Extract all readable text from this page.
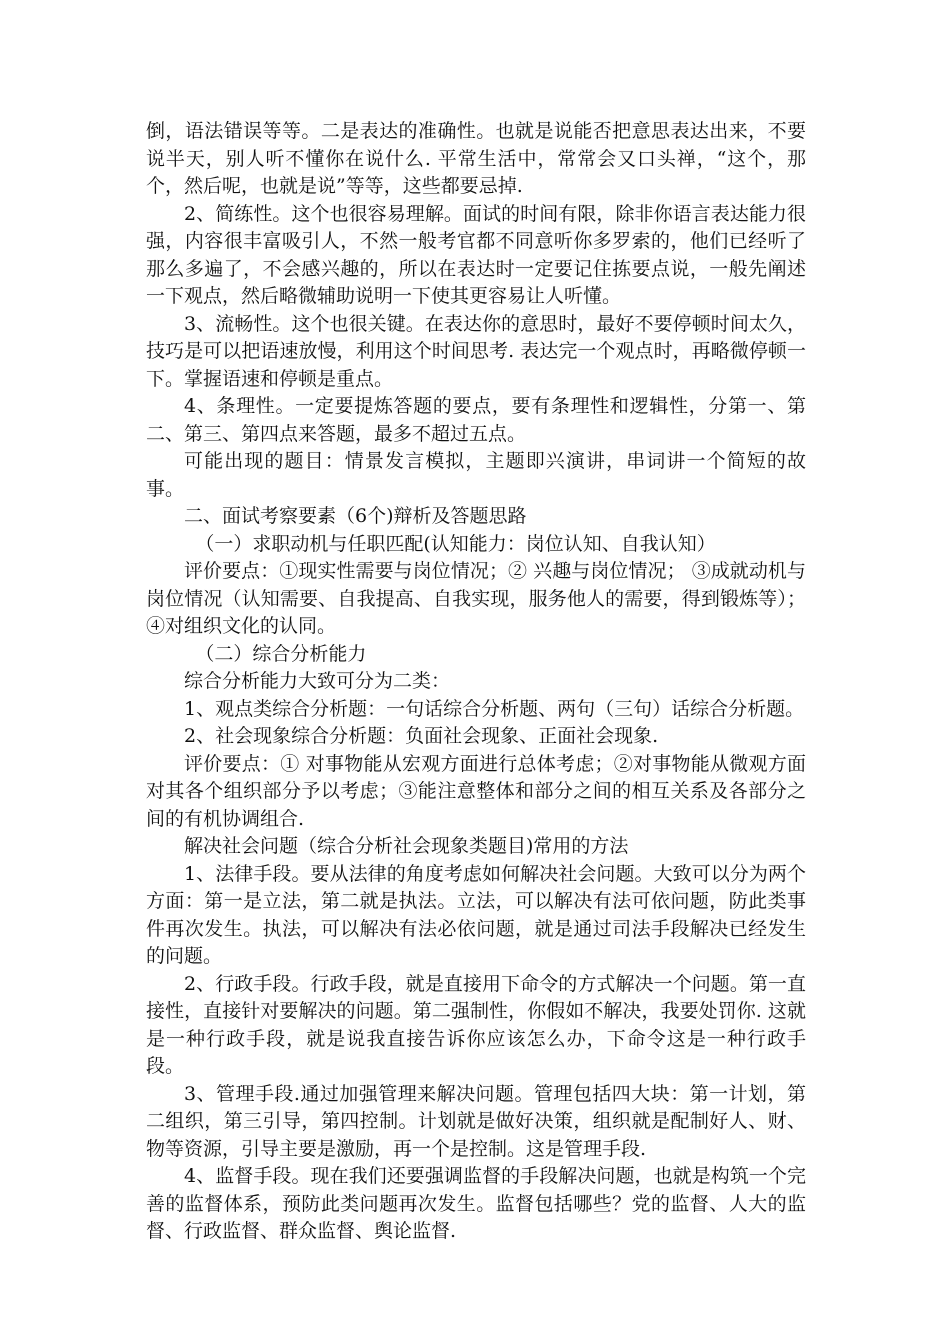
倒，语法错误等等。二是表达的准确性。也就是说能否把意思表达出来，不要说半天，别人听不懂你在说什么. 平常生活中，常常会又口头禅，“这个，那个，然后呢，也就是说”等等，这些都要忌掉.

2、简练性。这个也很容易理解。面试的时间有限，除非你语言表达能力很强，内容很丰富吸引人，不然一般考官都不同意听你多罗索的，他们已经听了那么多遍了，不会感兴趣的，所以在表达时一定要记住拣要点说，一般先阐述一下观点，然后略微辅助说明一下使其更容易让人听懂。

3、流畅性。这个也很关键。在表达你的意思时，最好不要停顿时间太久，技巧是可以把语速放慢，利用这个时间思考. 表达完一个观点时，再略微停顿一下。掌握语速和停顿是重点。

4、条理性。一定要提炼答题的要点，要有条理性和逻辑性，分第一、第二、第三、第四点来答题，最多不超过五点。

可能出现的题目：情景发言模拟，主题即兴演讲，串词讲一个简短的故事。

二、面试考察要素（6个)辩析及答题思路

（一）求职动机与任职匹配(认知能力：岗位认知、自我认知）

评价要点：①现实性需要与岗位情况；② 兴趣与岗位情况； ③成就动机与岗位情况（认知需要、自我提高、自我实现，服务他人的需要，得到锻炼等）； ④对组织文化的认同。

（二）综合分析能力

综合分析能力大致可分为二类：

1、观点类综合分析题：一句话综合分析题、两句（三句）话综合分析题。

2、社会现象综合分析题：负面社会现象、正面社会现象.

评价要点：① 对事物能从宏观方面进行总体考虑；②对事物能从微观方面对其各个组织部分予以考虑；③能注意整体和部分之间的相互关系及各部分之间的有机协调组合.

解决社会问题（综合分析社会现象类题目)常用的方法

1、法律手段。要从法律的角度考虑如何解决社会问题。大致可以分为两个方面：第一是立法，第二就是执法。立法，可以解决有法可依问题，防此类事件再次发生。执法，可以解决有法必依问题，就是通过司法手段解决已经发生的问题。

2、行政手段。行政手段，就是直接用下命令的方式解决一个问题。第一直接性，直接针对要解决的问题。第二强制性，你假如不解决，我要处罚你. 这就是一种行政手段，就是说我直接告诉你应该怎么办，下命令这是一种行政手段。

3、管理手段.通过加强管理来解决问题。管理包括四大块：第一计划，第二组织，第三引导，第四控制。计划就是做好决策，组织就是配制好人、财、物等资源，引导主要是激励，再一个是控制。这是管理手段.

4、监督手段。现在我们还要强调监督的手段解决问题，也就是构筑一个完善的监督体系，预防此类问题再次发生。监督包括哪些？党的监督、人大的监督、行政监督、群众监督、舆论监督.
